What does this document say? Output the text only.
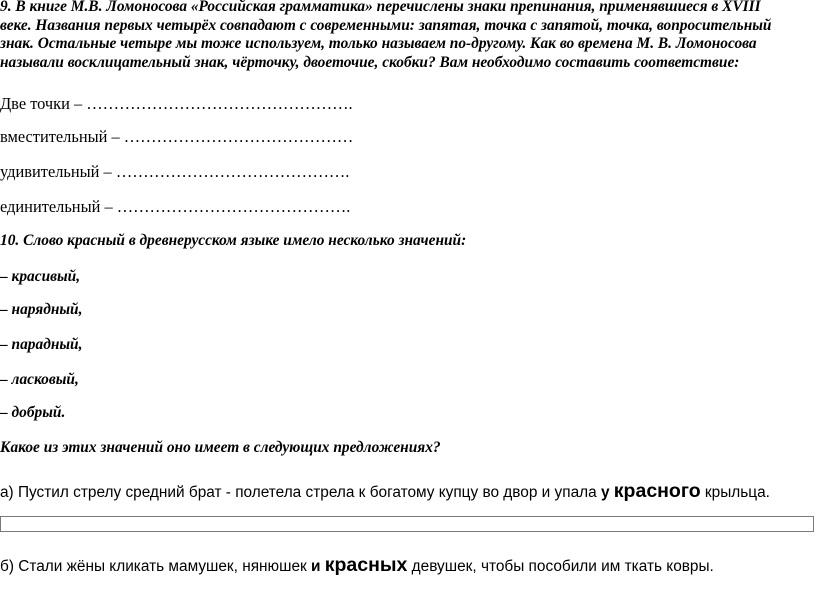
9. В книге М.В. Ломоносова «Российская грамматика» перечислены знаки препинания, применявшиеся в XVIII
веке. Названия первых четырёх совпадают с современными: запятая, точка с запятой, точка, вопросительный
знак. Остальные четыре мы тоже используем, только называем по-другому. Как во времена М. В. Ломоносова
называли восклицательный знак, чёрточку, двоеточие, скобки? Вам необходимо составить соответствие:
Две точки – ………………………………………….
вместительный – ……………………………………
удивительный – …………………………………….
единительный – …………………………………….
10. Слово красный в древнерусском языке имело несколько значений:
– красивый,
– нарядный,
– парадный,
– ласковый,
– добрый.
Какое из этих значений оно имеет в следующих предложениях?
а) Пустил стрелу средний брат - полетела стрела к богатому купцу во двор и упала у красного крыльца.
б) Стали жёны кликать мамушек, нянюшек и красных девушек, чтобы пособили им ткать ковры.
